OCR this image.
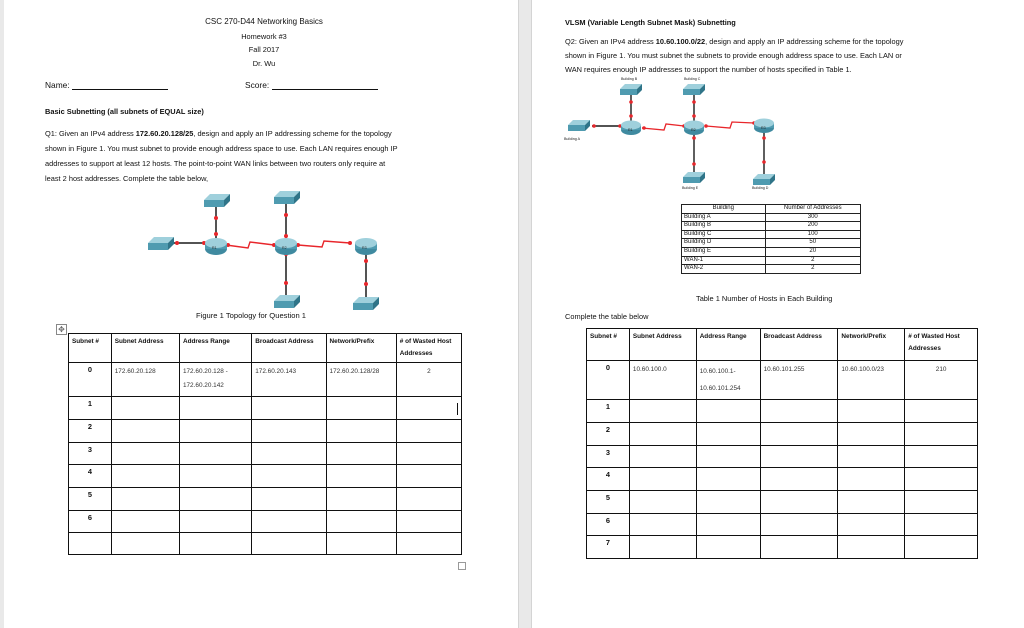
CSC 270-D44 Networking Basics
Homework #3
Fall 2017
Dr. Wu
Name:	Score:
Basic Subnetting (all subnets of EQUAL size)
Q1: Given an IPv4 address 172.60.20.128/25, design and apply an IP addressing scheme for the topology
shown in Figure 1. You must subnet to provide enough address space to use. Each LAN requires enough IP
addresses to support at least 12 hosts. The point-to-point WAN links between two routers only require at
least 2 host addresses. Complete the table below,
R1	R2	R3
Figure 1 Topology for Question 1
✥
Subnet #	Subnet Address	Address Range	Broadcast Address	Network/Prefix	# of Wasted Host Addresses
0	172.60.20.128	172.60.20.128 -
172.60.20.142	172.60.20.143	172.60.20.128/28	2
1					
2					
3					
4					
5					
6					

VLSM (Variable Length Subnet Mask) Subnetting
Q2: Given an IPv4 address 10.60.100.0/22, design and apply an IP addressing scheme for the topology
shown in Figure 1. You must subnet the subnets to provide enough address space to use. Each LAN or
WAN requires enough IP addresses to support the number of hosts specified in Table 1.
Building B	Building C
Building A
Building E	Building D
R1	R2	R3
Building	Number of Addresses
Building A	300
Building B	200
Building C	100
Building D	50
Building E	20
WAN-1	2
WAN-2	2
Table 1 Number of Hosts in Each Building
Complete the table below
Subnet #	Subnet Address	Address Range	Broadcast Address	Network/Prefix	# of Wasted Host Addresses
0	10.60.100.0	10.60.100.1-
10.60.101.254	10.60.101.255	10.60.100.0/23	210
1					
2					
3					
4					
5					
6					
7					
